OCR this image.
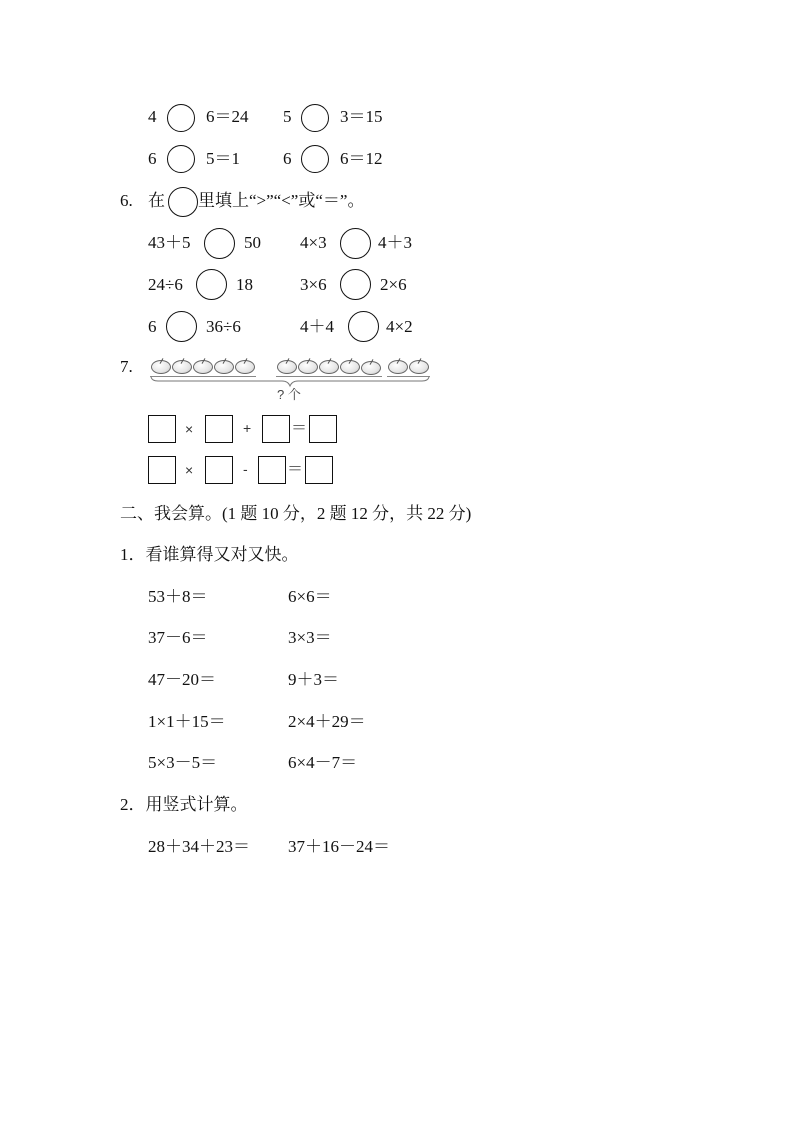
4	6＝24 5	3＝15
6	5＝1	6	6＝12
6. 在 里填上“>”“<”或“＝”。
43＋5	50 4×3	4＋3
24÷6	18	3×6	2×6
6	36÷6	4＋4	4×2
7.
? 个
×	+ ＝
×	- ＝
二、我会算。(1 题 10 分，2 题 12 分，共 22 分)
1．看谁算得又对又快。
53＋8＝	6×6＝
37－6＝	3×3＝
47－20＝	9＋3＝
1×1＋15＝	2×4＋29＝
5×3－5＝	6×4－7＝
2．用竖式计算。
28＋34＋23＝ 37＋16－24＝
